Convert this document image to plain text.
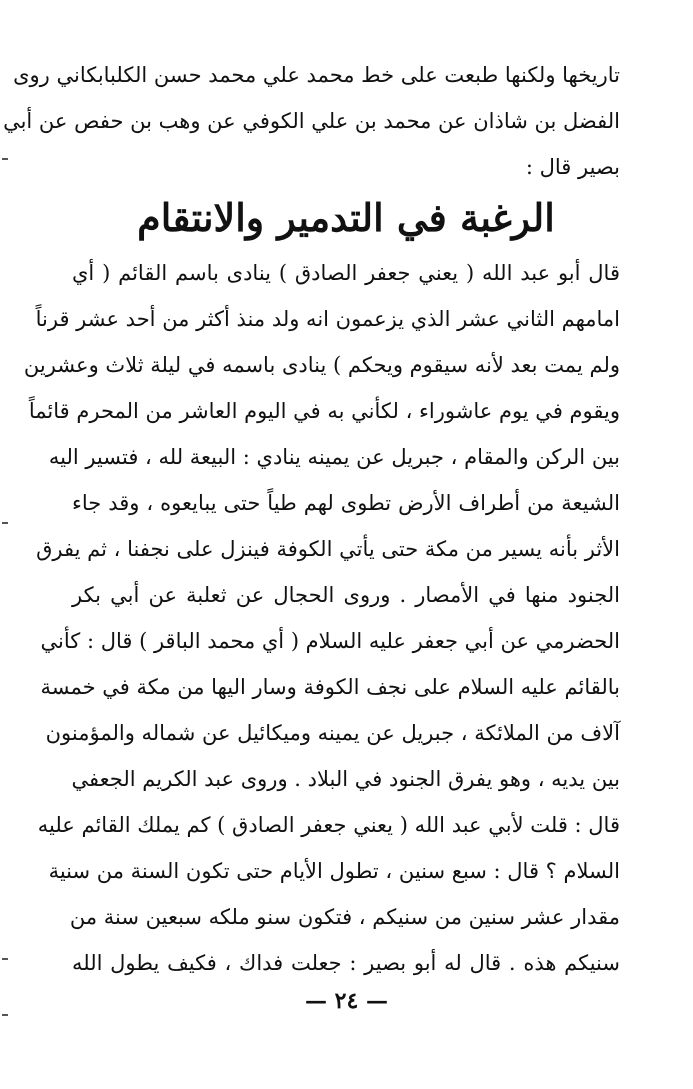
تاريخها ولكنها طبعت على خط محمد علي محمد حسن الكلبابكاني روى
الفضل بن شاذان عن محمد بن علي الكوفي عن وهب بن حفص عن أبي
بصير قال :
الرغبة في التدمير والانتقام
قال أبو عبد الله ( يعني جعفر الصادق ) ينادى باسم القائم ( أي
امامهم الثاني عشر الذي يزعمون انه ولد منذ أكثر من أحد عشر قرناً
ولم يمت بعد لأنه سيقوم ويحكم ) ينادى باسمه في ليلة ثلاث وعشرين
ويقوم في يوم عاشوراء ، لكأني به في اليوم العاشر من المحرم قائماً
بين الركن والمقام ، جبريل عن يمينه ينادي : البيعة لله ، فتسير اليه
الشيعة من أطراف الأرض تطوى لهم طياً حتى يبايعوه ، وقد جاء
الأثر بأنه يسير من مكة حتى يأتي الكوفة فينزل على نجفنا ، ثم يفرق
الجنود منها في الأمصار . وروى الحجال عن ثعلبة عن أبي بكر
الحضرمي عن أبي جعفر عليه السلام ( أي محمد الباقر ) قال : كأني
بالقائم عليه السلام على نجف الكوفة وسار اليها من مكة في خمسة
آلاف من الملائكة ، جبريل عن يمينه وميكائيل عن شماله والمؤمنون
بين يديه ، وهو يفرق الجنود في البلاد . وروى عبد الكريم الجعفي
قال : قلت لأبي عبد الله ( يعني جعفر الصادق ) كم يملك القائم عليه
السلام ؟ قال : سبع سنين ، تطول الأيام حتى تكون السنة من سنية
مقدار عشر سنين من سنيكم ، فتكون سنو ملكه سبعين سنة من
سنيكم هذه . قال له أبو بصير : جعلت فداك ، فكيف يطول الله
— ٢٤ —
